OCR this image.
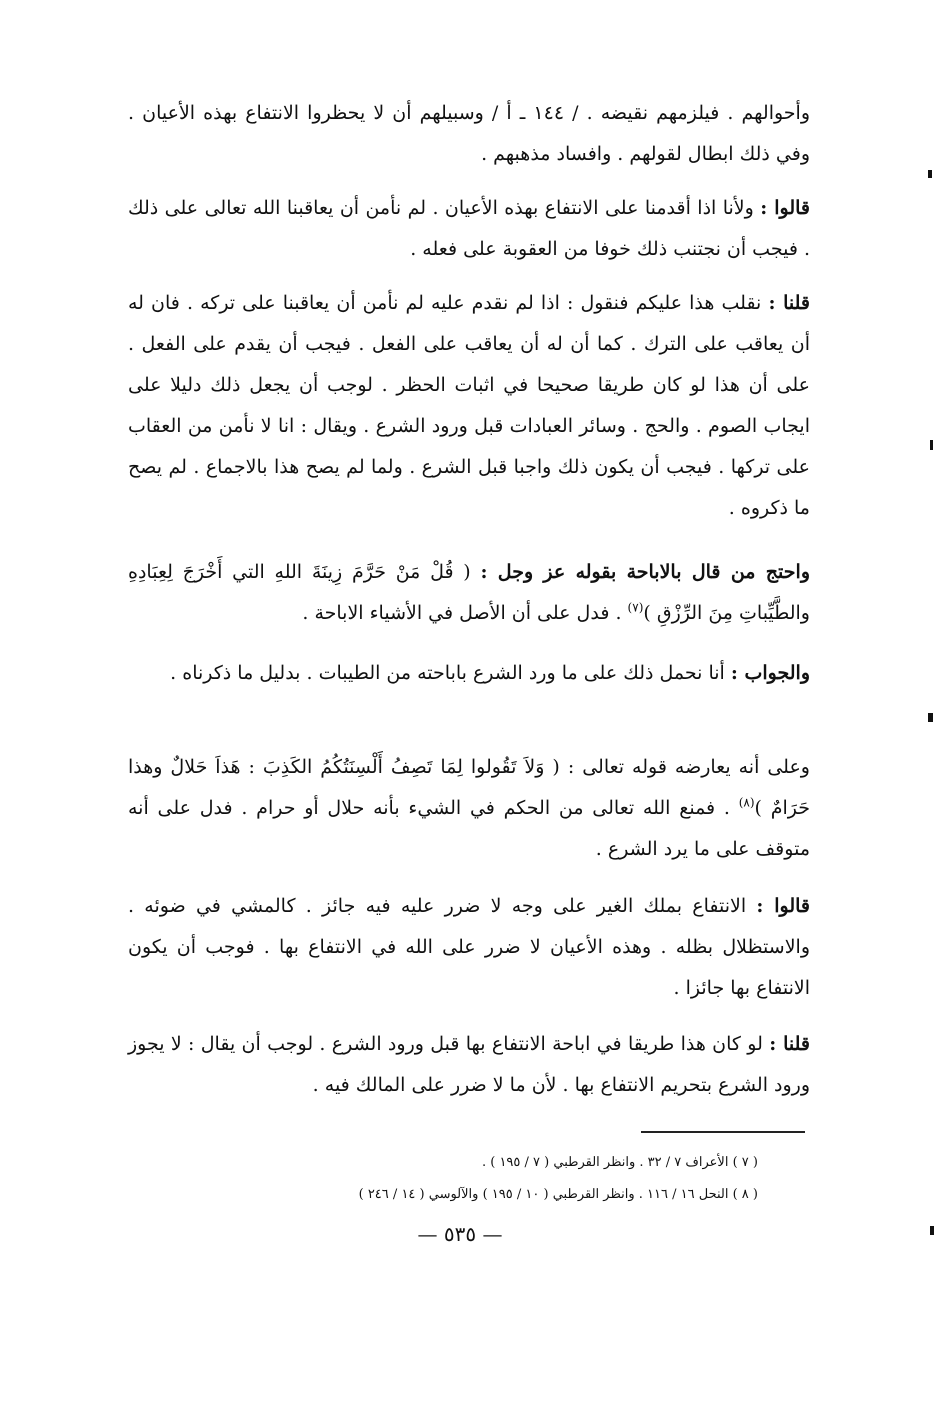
وأحوالهم . فيلزمهم نقيضه . / ١٤٤ ـ أ / وسبيلهم أن لا يحظروا الانتفاع بهذه الأعيان . وفي ذلك ابطال لقولهم . وافساد مذهبهم .

قالوا : ولأنا اذا أقدمنا على الانتفاع بهذه الأعيان . لم نأمن أن يعاقبنا الله تعالى على ذلك . فيجب أن نجتنب ذلك خوفا من العقوبة على فعله .

قلنا : نقلب هذا عليكم فنقول : اذا لم نقدم عليه لم نأمن أن يعاقبنا على تركه . فان له أن يعاقب على الترك . كما أن له أن يعاقب على الفعل . فيجب أن يقدم على الفعل . على أن هذا لو كان طريقا صحيحا في اثبات الحظر . لوجب أن يجعل ذلك دليلا على ايجاب الصوم . والحج . وسائر العبادات قبل ورود الشرع . ويقال : انا لا نأمن من العقاب على تركها . فيجب أن يكون ذلك واجبا قبل الشرع . ولما لم يصح هذا بالاجماع . لم يصح ما ذكروه .

واحتج من قال بالاباحة بقوله عز وجل : ( قُلْ مَنْ حَرَّمَ زِينَةَ اللهِ التي أَخْرَجَ لِعِبَادِهِ والطَّيِّباتِ مِنَ الرِّزْقِ )$^{(٧)}$ . فدل على أن الأصل في الأشياء الاباحة .

والجواب : أنا نحمل ذلك على ما ورد الشرع باباحته من الطيبات . بدليل ما ذكرناه .

وعلى أنه يعارضه قوله تعالى : ( وَلاَ تَقُولوا لِمَا تَصِفُ أَلْسِنَتُكُمُ الكَذِبَ : هَذاَ حَلالٌ وهذا حَرَامٌ )$^{(٨)}$ . فمنع الله تعالى من الحكم في الشيء بأنه حلال أو حرام . فدل على أنه متوقف على ما يرد الشرع .

قالوا : الانتفاع بملك الغير على وجه لا ضرر عليه فيه جائز . كالمشي في ضوئه . والاستظلال بظله . وهذه الأعيان لا ضرر على الله في الانتفاع بها . فوجب أن يكون الانتفاع بها جائزا .

قلنا : لو كان هذا طريقا في اباحة الانتفاع بها قبل ورود الشرع . لوجب أن يقال : لا يجوز ورود الشرع بتحريم الانتفاع بها . لأن ما لا ضرر على المالك فيه .

( ٧ ) الأعراف ٧ / ٣٢ . وانظر القرطبي ( ٧ / ١٩٥ ) .

( ٨ ) النحل ١٦ / ١١٦ . وانظر القرطبي ( ١٠ / ١٩٥ ) والآلوسي ( ١٤ / ٢٤٦ )

— ٥٣٥ —
